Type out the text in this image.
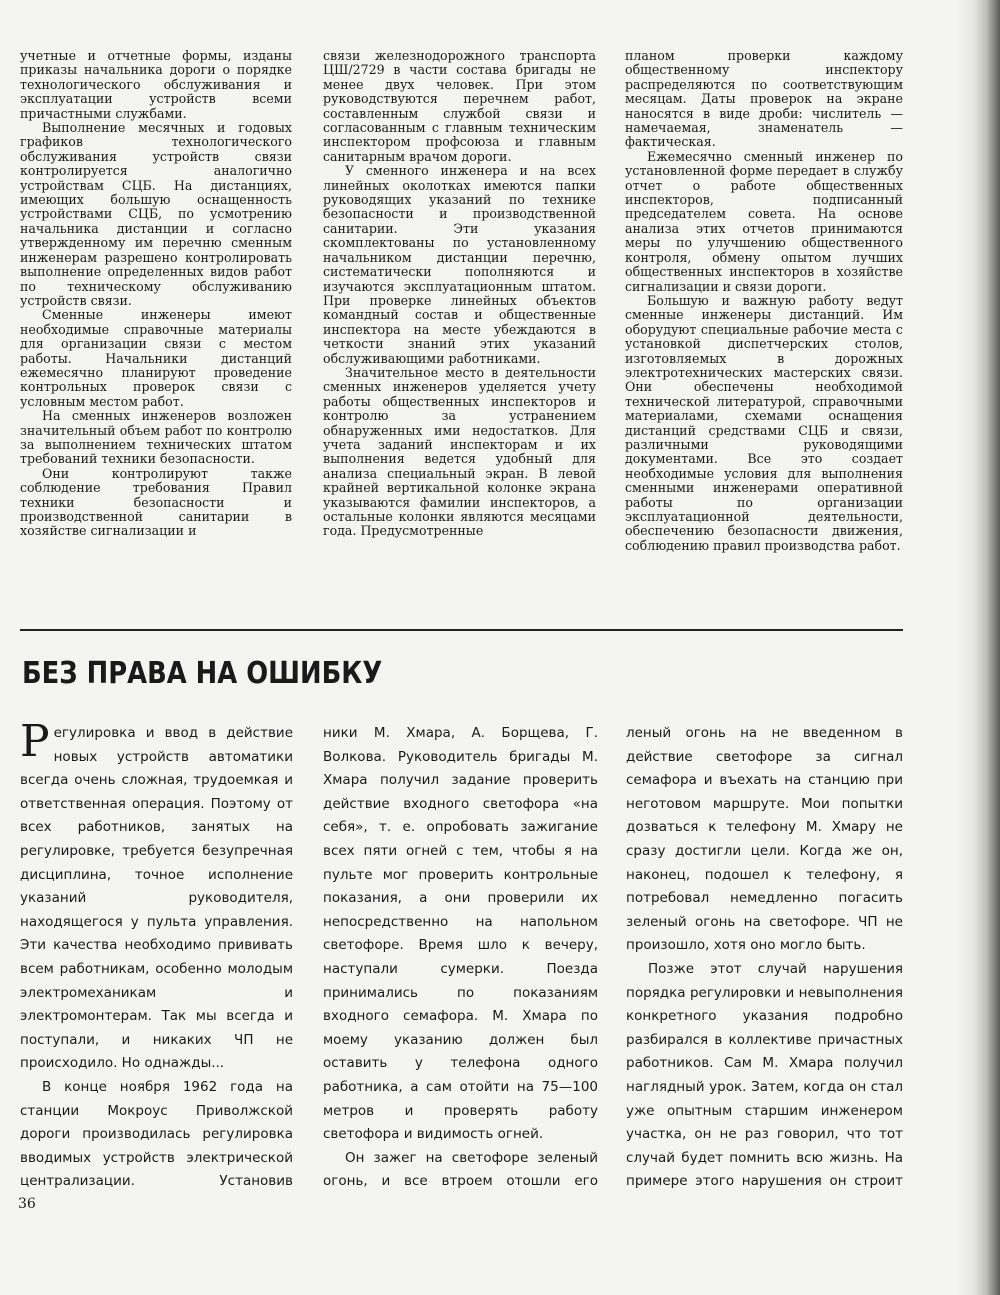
учетные и отчетные формы, изданы приказы начальника дороги о порядке технологического обслуживания и эксплуатации устройств всеми причастными службами.

Выполнение месячных и годовых графиков технологического обслуживания устройств связи контролируется аналогично устройствам СЦБ. На дистанциях, имеющих большую оснащенность устройствами СЦБ, по усмотрению начальника дистанции и согласно утвержденному им перечню сменным инженерам разрешено контролировать выполнение определенных видов работ по техническому обслуживанию устройств связи.

Сменные инженеры имеют необходимые справочные материалы для организации связи с местом работы. Начальники дистанций ежемесячно планируют проведение контрольных проверок связи с условным местом работ.

На сменных инженеров возложен значительный объем работ по контролю за выполнением технических штатом требований техники безопасности.

Они контролируют также соблюдение требования Правил техники безопасности и производственной санитарии в хозяйстве сигнализации и

связи железнодорожного транспорта ЦШ/2729 в части состава бригады не менее двух человек. При этом руководствуются перечнем работ, составленным службой связи и согласованным с главным техническим инспектором профсоюза и главным санитарным врачом дороги.

У сменного инженера и на всех линейных околотках имеются папки руководящих указаний по технике безопасности и производственной санитарии. Эти указания скомплектованы по установленному начальником дистанции перечню, систематически пополняются и изучаются эксплуатационным штатом. При проверке линейных объектов командный состав и общественные инспектора на месте убеждаются в четкости знаний этих указаний обслуживающими работниками.

Значительное место в деятельности сменных инженеров уделяется учету работы общественных инспекторов и контролю за устранением обнаруженных ими недостатков. Для учета заданий инспекторам и их выполнения ведется удобный для анализа специальный экран. В левой крайней вертикальной колонке экрана указываются фамилии инспекторов, а остальные колонки являются месяцами года. Предусмотренные

планом проверки каждому общественному инспектору распределяются по соответствующим месяцам. Даты проверок на экране наносятся в виде дроби: числитель — намечаемая, знаменатель — фактическая.

Ежемесячно сменный инженер по установленной форме передает в службу отчет о работе общественных инспекторов, подписанный председателем совета. На основе анализа этих отчетов принимаются меры по улучшению общественного контроля, обмену опытом лучших общественных инспекторов в хозяйстве сигнализации и связи дороги.

Большую и важную работу ведут сменные инженеры дистанций. Им оборудуют специальные рабочие места с установкой диспетчерских столов, изготовляемых в дорожных электротехнических мастерских связи. Они обеспечены необходимой технической литературой, справочными материалами, схемами оснащения дистанций средствами СЦБ и связи, различными руководящими документами. Все это создает необходимые условия для выполнения сменными инженерами оперативной работы по организации эксплуатационной деятельности, обеспечению безопасности движения, соблюдению правил производства работ.

БЕЗ ПРАВА НА ОШИБКУ

Регулировка и ввод в действие новых устройств автоматики всегда очень сложная, трудоемкая и ответственная операция. Поэтому от всех работников, занятых на регулировке, требуется безупречная дисциплина, точное исполнение указаний руководителя, находящегося у пульта управления. Эти качества необходимо прививать всем работникам, особенно молодым электромеханикам и электромонтерам. Так мы всегда и поступали, и никаких ЧП не происходило. Но однажды...

В конце ноября 1962 года на станции Мокроус Приволжской дороги производилась регулировка вводимых устройств электрической централизации. Установив

ники М. Хмара, А. Борщева, Г. Волкова. Руководитель бригады М. Хмара получил задание проверить действие входного светофора «на себя», т. е. опробовать зажигание всех пяти огней с тем, чтобы я на пульте мог проверить контрольные показания, а они проверили их непосредственно на напольном светофоре. Время шло к вечеру, наступали сумерки. Поезда принимались по показаниям входного семафора. М. Хмара по моему указанию должен был оставить у телефона одного работника, а сам отойти на 75—100 метров и проверять работу светофора и видимость огней.

Он зажег на светофоре зеленый огонь, и все втроем отошли его

леный огонь на не введенном в действие светофоре за сигнал семафора и въехать на станцию при неготовом маршруте. Мои попытки дозваться к телефону М. Хмару не сразу достигли цели. Когда же он, наконец, подошел к телефону, я потребовал немедленно погасить зеленый огонь на светофоре. ЧП не произошло, хотя оно могло быть.

Позже этот случай нарушения порядка регулировки и невыполнения конкретного указания подробно разбирался в коллективе причастных работников. Сам М. Хмара получил наглядный урок. Затем, когда он стал уже опытным старшим инженером участка, он не раз говорил, что тот случай будет помнить всю жизнь. На примере этого нарушения он строит

36
